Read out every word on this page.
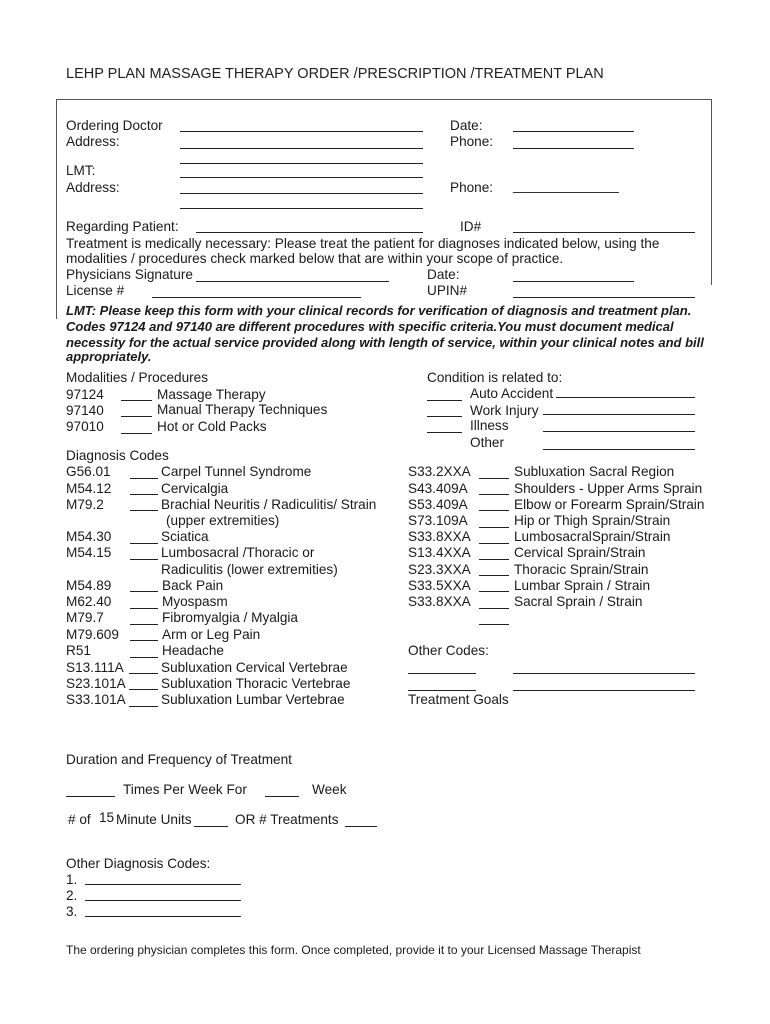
LEHP PLAN MASSAGE THERAPY ORDER /PRESCRIPTION /TREATMENT PLAN
Ordering Doctor
Address:
Date:
Phone:
LMT:
Address:	Phone: ______________
Regarding Patient:	ID#
Treatment is medically necessary: Please treat the patient for diagnoses indicated below, using the
modalities / procedures check marked below that are within your scope of practice.
Physicians Signature	Date:
License #	UPIN#
LMT: Please keep this form with your clinical records for verification of diagnosis and treatment plan.
Codes 97124 and 97140 are different procedures with specific criteria.You must document medical
necessity for the actual service provided along with length of service, within your clinical notes and bill
appropriately.
Modalities / Procedures
97124	Massage Therapy
97140	Manual Therapy Techniques
97010	Hot or Cold Packs
Condition is related to:
Auto Accident
Work Injury
Illness
Other
Diagnosis Codes
G56.01	Carpel Tunnel Syndrome
M54.12	Cervicalgia
M79.2	Brachial Neuritis / Radiculitis/ Strain
(upper extremities)
M54.30	Sciatica
M54.15	Lumbosacral /Thoracic or
Radiculitis (lower extremities)
M54.89	Back Pain
M62.40	Myospasm
M79.7	Fibromyalgia / Myalgia
M79.609	Arm or Leg Pain
R51	Headache
S13.111A	Subluxation Cervical Vertebrae
S23.101A	Subluxation Thoracic Vertebrae
S33.101A	Subluxation Lumbar Vertebrae
S33.2XXA	Subluxation Sacral Region
S43.409A	Shoulders - Upper Arms Sprain
S53.409A	Elbow or Forearm Sprain/Strain
S73.109A	Hip or Thigh Sprain/Strain
S33.8XXA	LumbosacralSprain/Strain
S13.4XXA	Cervical Sprain/Strain
S23.3XXA	Thoracic Sprain/Strain
S33.5XXA	Lumbar Sprain / Strain
S33.8XXA	Sacral Sprain / Strain
Other Codes:
Treatment Goals
Duration and Frequency of Treatment
Times Per Week For	Week
# of 15 Minute Units	OR # Treatments
Other Diagnosis Codes:
1.
2.
3.
The ordering physician completes this form. Once completed, provide it to your Licensed Massage Therapist
